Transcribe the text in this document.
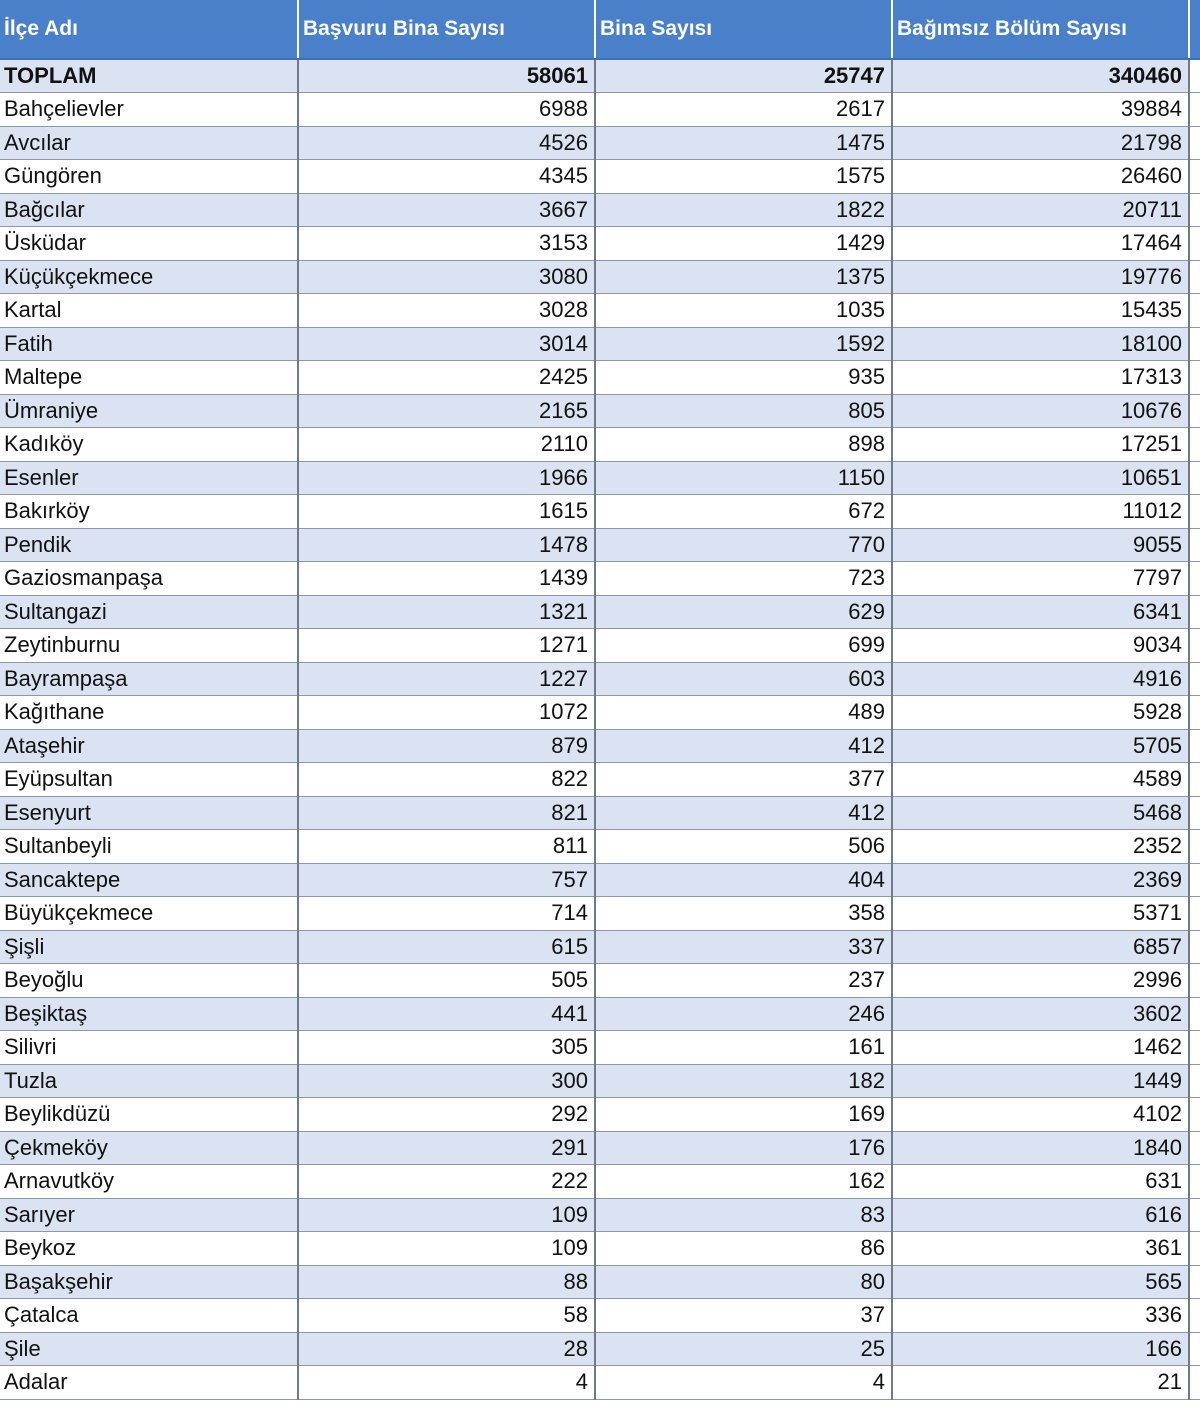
İlçe Adı	Başvuru Bina Sayısı	Bina Sayısı	Bağımsız Bölüm Sayısı	
TOPLAM	58061	25747	340460	
Bahçelievler	6988	2617	39884	
Avcılar	4526	1475	21798	
Güngören	4345	1575	26460	
Bağcılar	3667	1822	20711	
Üsküdar	3153	1429	17464	
Küçükçekmece	3080	1375	19776	
Kartal	3028	1035	15435	
Fatih	3014	1592	18100	
Maltepe	2425	935	17313	
Ümraniye	2165	805	10676	
Kadıköy	2110	898	17251	
Esenler	1966	1150	10651	
Bakırköy	1615	672	11012	
Pendik	1478	770	9055	
Gaziosmanpaşa	1439	723	7797	
Sultangazi	1321	629	6341	
Zeytinburnu	1271	699	9034	
Bayrampaşa	1227	603	4916	
Kağıthane	1072	489	5928	
Ataşehir	879	412	5705	
Eyüpsultan	822	377	4589	
Esenyurt	821	412	5468	
Sultanbeyli	811	506	2352	
Sancaktepe	757	404	2369	
Büyükçekmece	714	358	5371	
Şişli	615	337	6857	
Beyoğlu	505	237	2996	
Beşiktaş	441	246	3602	
Silivri	305	161	1462	
Tuzla	300	182	1449	
Beylikdüzü	292	169	4102	
Çekmeköy	291	176	1840	
Arnavutköy	222	162	631	
Sarıyer	109	83	616	
Beykoz	109	86	361	
Başakşehir	88	80	565	
Çatalca	58	37	336	
Şile	28	25	166	
Adalar	4	4	21	
